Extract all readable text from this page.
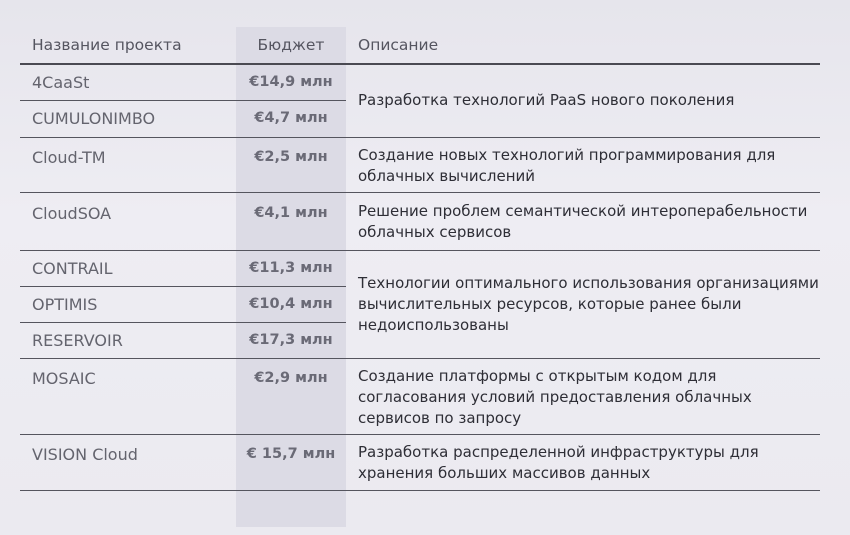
Название проекта	Бюджет	Описание
4CaaSt	€14,9 млн	Разработка технологий PaaS нового поколения
CUMULONIMBO	€4,7 млн	
Cloud-TM	€2,5 млн	Создание новых технологий программирования для облачных вычислений
CloudSOA	€4,1 млн	Решение проблем семантической интероперабельности облачных сервисов
CONTRAIL	€11,3 млн	Технологии оптимального использования организациями вычислительных ресурсов, которые ранее были недоиспользованы
OPTIMIS	€10,4 млн	
RESERVOIR	€17,3 млн	
MOSAIC	€2,9 млн	Создание платформы с открытым кодом для согласования условий предоставления облачных сервисов по запросу
VISION Cloud	€ 15,7 млн	Разработка распределенной инфраструктуры для хранения больших массивов данных
